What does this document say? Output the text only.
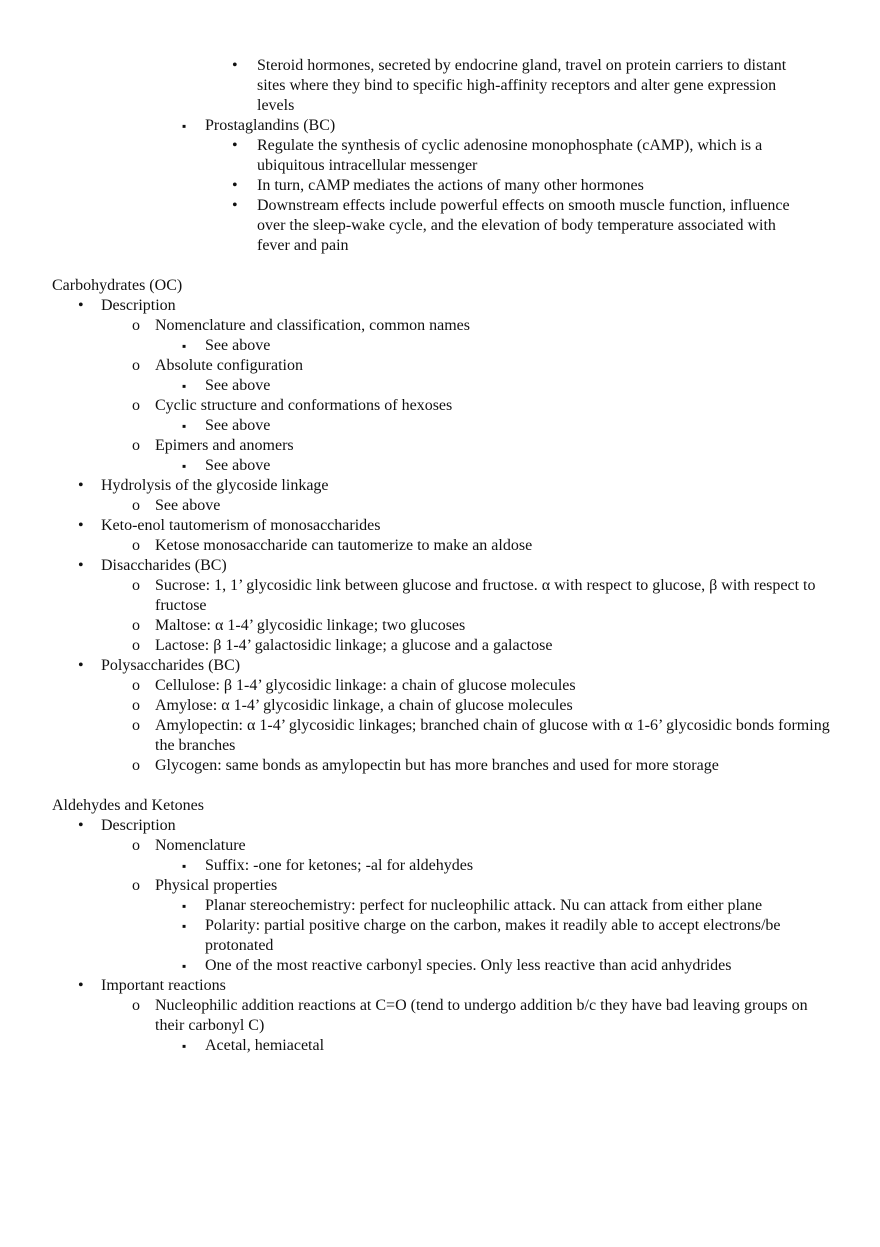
• Steroid hormones, secreted by endocrine gland, travel on protein carriers to distant sites where they bind to specific high-affinity receptors and alter gene expression levels
▪ Prostaglandins (BC)
• Regulate the synthesis of cyclic adenosine monophosphate (cAMP), which is a ubiquitous intracellular messenger
• In turn, cAMP mediates the actions of many other hormones
• Downstream effects include powerful effects on smooth muscle function, influence over the sleep-wake cycle, and the elevation of body temperature associated with fever and pain
Carbohydrates (OC)
• Description
o Nomenclature and classification, common names
▪ See above
o Absolute configuration
▪ See above
o Cyclic structure and conformations of hexoses
▪ See above
o Epimers and anomers
▪ See above
• Hydrolysis of the glycoside linkage
o See above
• Keto-enol tautomerism of monosaccharides
o Ketose monosaccharide can tautomerize to make an aldose
• Disaccharides (BC)
o Sucrose: 1, 1’ glycosidic link between glucose and fructose. α with respect to glucose, β with respect to fructose
o Maltose: α 1-4’ glycosidic linkage; two glucoses
o Lactose: β 1-4’ galactosidic linkage; a glucose and a galactose
• Polysaccharides (BC)
o Cellulose: β 1-4’ glycosidic linkage: a chain of glucose molecules
o Amylose: α 1-4’ glycosidic linkage, a chain of glucose molecules
o Amylopectin: α 1-4’ glycosidic linkages; branched chain of glucose with α 1-6’ glycosidic bonds forming the branches
o Glycogen: same bonds as amylopectin but has more branches and used for more storage
Aldehydes and Ketones
• Description
o Nomenclature
▪ Suffix: -one for ketones; -al for aldehydes
o Physical properties
▪ Planar stereochemistry: perfect for nucleophilic attack. Nu can attack from either plane
▪ Polarity: partial positive charge on the carbon, makes it readily able to accept electrons/be protonated
▪ One of the most reactive carbonyl species. Only less reactive than acid anhydrides
• Important reactions
o Nucleophilic addition reactions at C=O (tend to undergo addition b/c they have bad leaving groups on their carbonyl C)
▪ Acetal, hemiacetal
